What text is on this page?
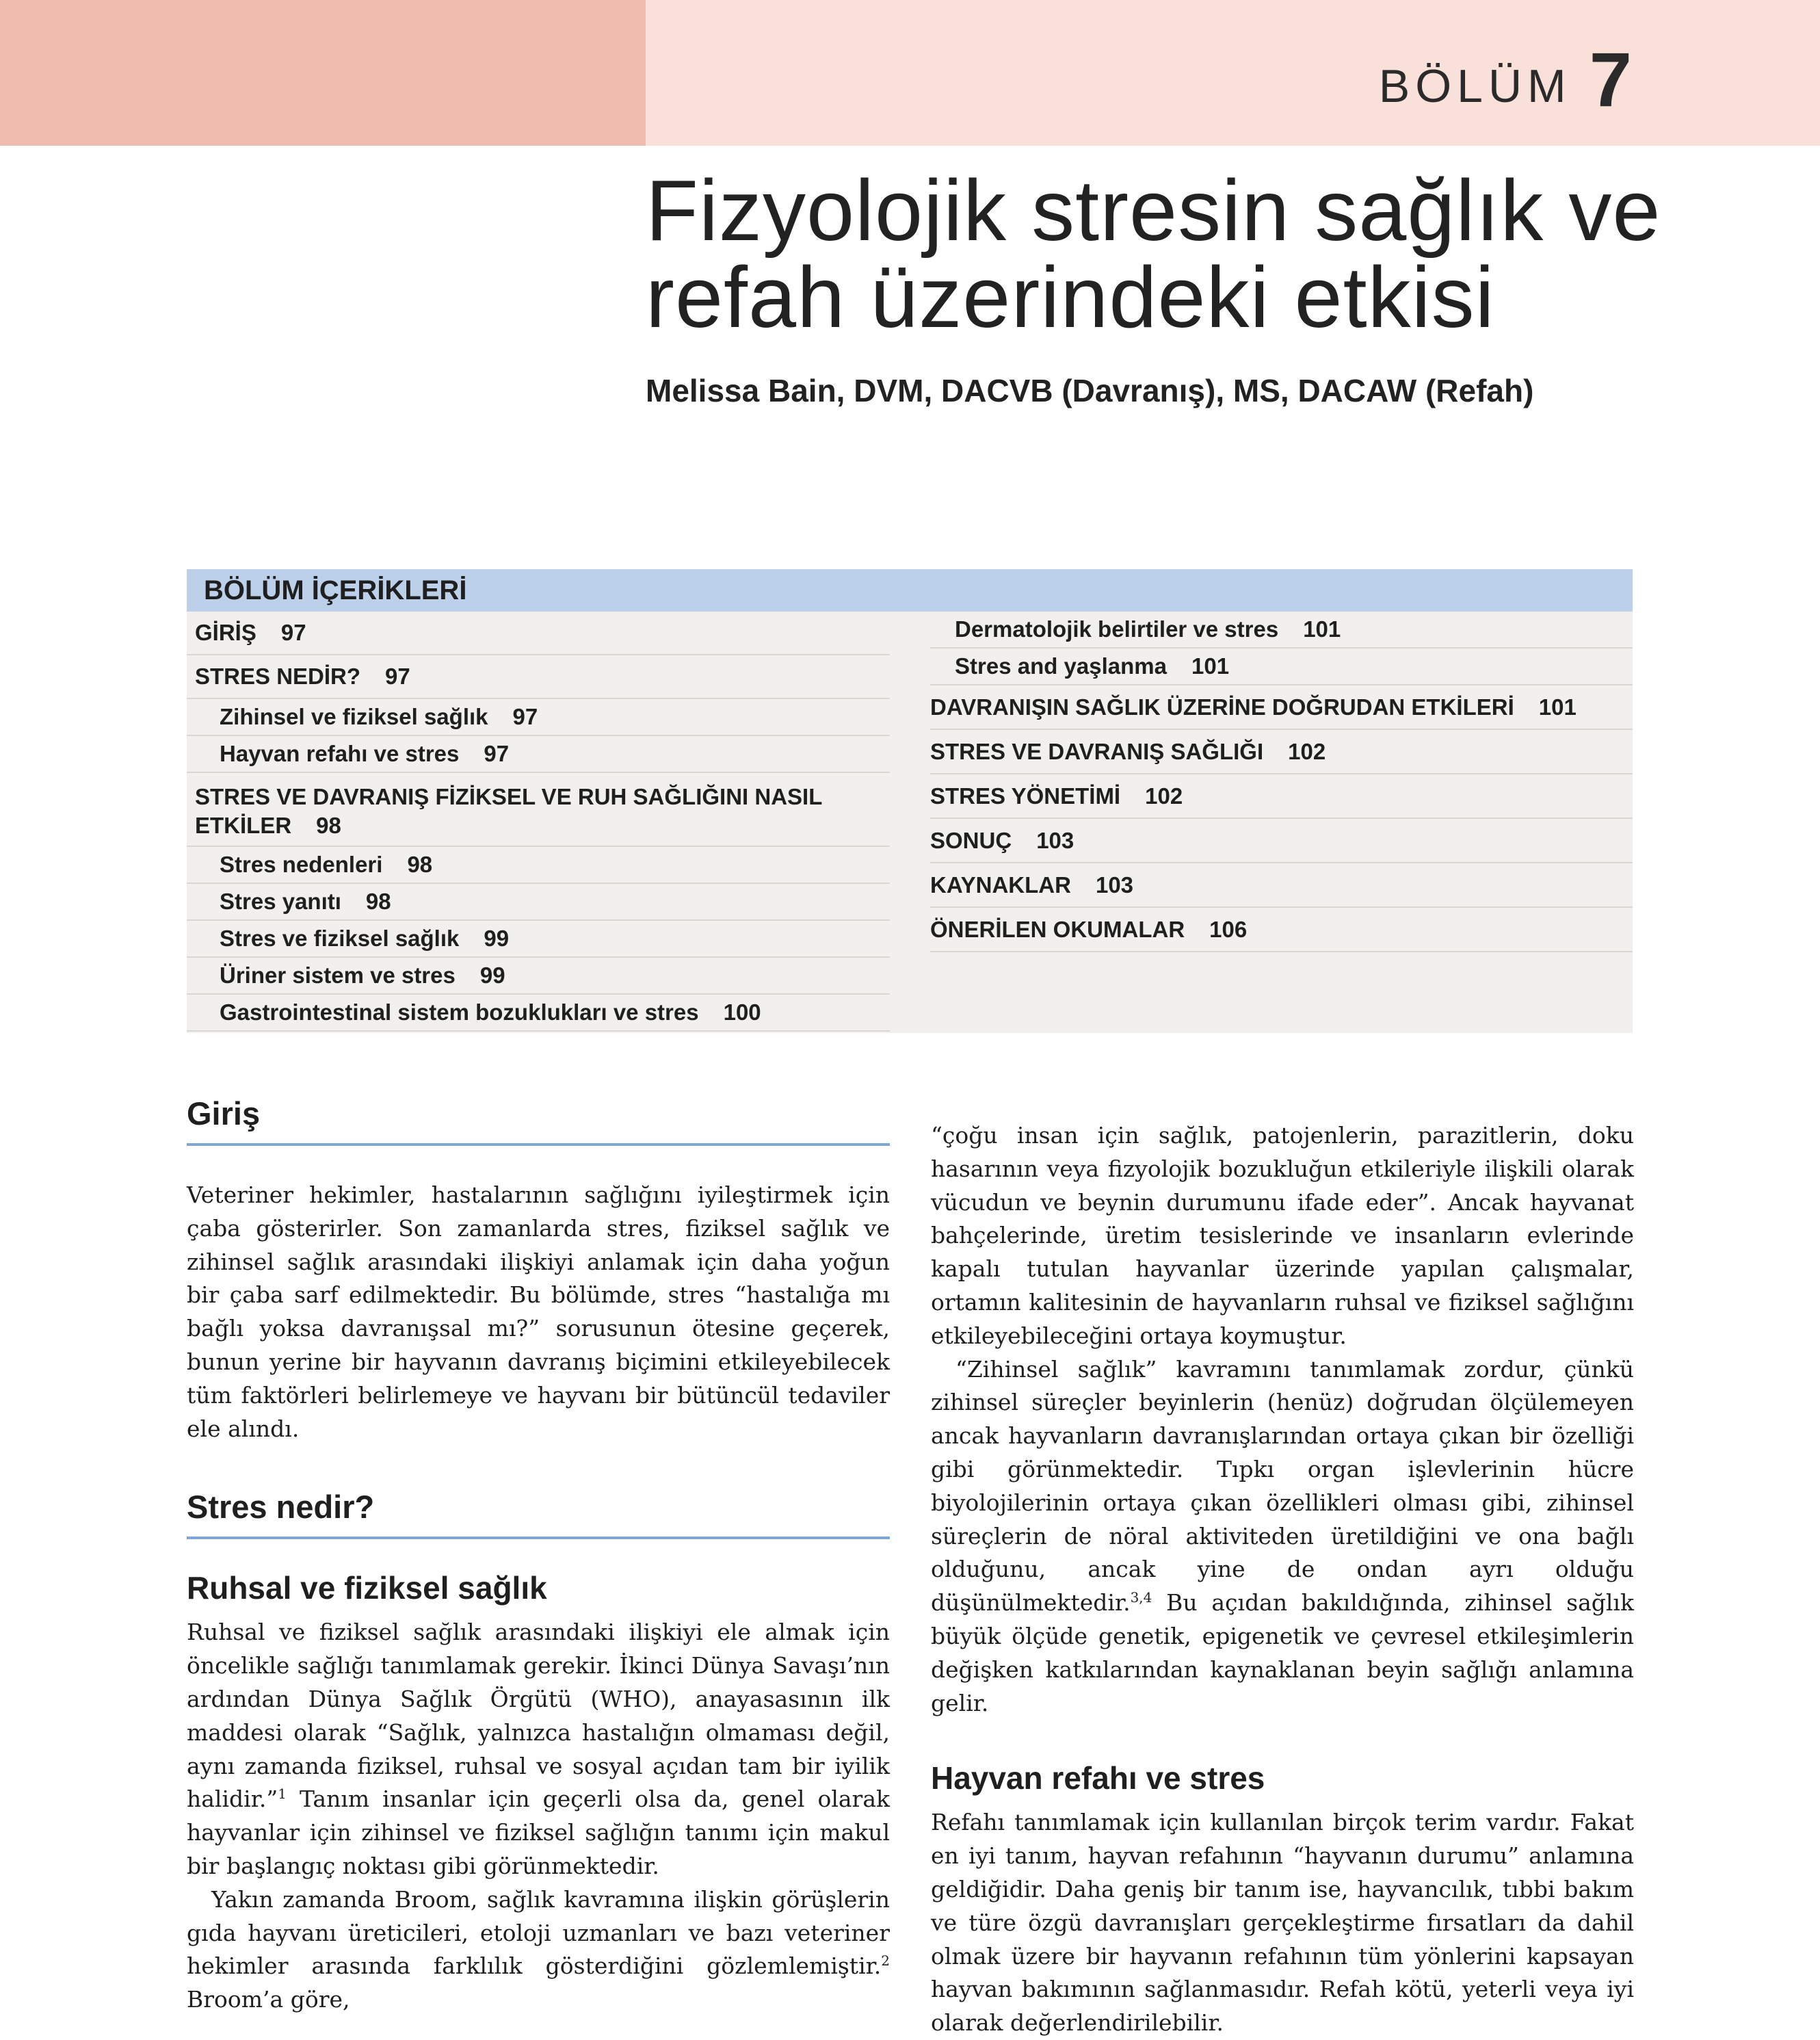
BÖLÜM 7
Fizyolojik stresin sağlık ve
refah üzerindeki etkisi
Melissa Bain, DVM, DACVB (Davranış), MS, DACAW (Refah)
BÖLÜM İÇERİKLERİ
GİRİŞ 97
STRES NEDİR? 97
Zihinsel ve fiziksel sağlık 97
Hayvan refahı ve stres 97
STRES VE DAVRANIŞ FİZİKSEL VE RUH SAĞLIĞINI NASIL
ETKİLER 98
Stres nedenleri 98
Stres yanıtı 98
Stres ve fiziksel sağlık 99
Üriner sistem ve stres 99
Gastrointestinal sistem bozuklukları ve stres 100
Dermatolojik belirtiler ve stres 101
Stres and yaşlanma 101
DAVRANIŞIN SAĞLIK ÜZERİNE DOĞRUDAN ETKİLERİ 101
STRES VE DAVRANIŞ SAĞLIĞI 102
STRES YÖNETİMİ 102
SONUÇ 103
KAYNAKLAR 103
ÖNERİLEN OKUMALAR 106
Giriş

Veteriner hekimler, hastalarının sağlığını iyileştirmek için çaba gösterirler. Son zamanlarda stres, fiziksel sağlık ve zihinsel sağlık arasındaki ilişkiyi anlamak için daha yoğun bir çaba sarf edilmektedir. Bu bölümde, stres “hastalığa mı bağlı yoksa davranışsal mı?” sorusunun ötesine geçerek, bunun yerine bir hayvanın davranış biçimini etkileyebilecek tüm faktörleri belirlemeye ve hayvanı bir bütüncül tedaviler ele alındı.

Stres nedir?
Ruhsal ve fiziksel sağlık

Ruhsal ve fiziksel sağlık arasındaki ilişkiyi ele almak için öncelikle sağlığı tanımlamak gerekir. İkinci Dünya Savaşı’nın ardından Dünya Sağlık Örgütü (WHO), anayasasının ilk maddesi olarak “Sağlık, yalnızca hastalığın olmaması değil, aynı zamanda fiziksel, ruhsal ve sosyal açıdan tam bir iyilik halidir.”$^1$ Tanım insanlar için geçerli olsa da, genel olarak hayvanlar için zihinsel ve fiziksel sağlığın tanımı için makul bir başlangıç noktası gibi görünmektedir.

Yakın zamanda Broom, sağlık kavramına ilişkin görüşlerin gıda hayvanı üreticileri, etoloji uzmanları ve bazı veteriner hekimler arasında farklılık gösterdiğini gözlemlemiştir.$^2$ Broom’a göre,

“çoğu insan için sağlık, patojenlerin, parazitlerin, doku hasarının veya fizyolojik bozukluğun etkileriyle ilişkili olarak vücudun ve beynin durumunu ifade eder”. Ancak hayvanat bahçelerinde, üretim tesislerinde ve insanların evlerinde kapalı tutulan hayvanlar üzerinde yapılan çalışmalar, ortamın kalitesinin de hayvanların ruhsal ve fiziksel sağlığını etkileyebileceğini ortaya koymuştur.

“Zihinsel sağlık” kavramını tanımlamak zordur, çünkü zihinsel süreçler beyinlerin (henüz) doğrudan ölçülemeyen ancak hayvanların davranışlarından ortaya çıkan bir özelliği gibi görünmektedir. Tıpkı organ işlevlerinin hücre biyolojilerinin ortaya çıkan özellikleri olması gibi, zihinsel süreçlerin de nöral aktiviteden üretildiğini ve ona bağlı olduğunu, ancak yine de ondan ayrı olduğu düşünülmektedir.$^{3,4}$ Bu açıdan bakıldığında, zihinsel sağlık büyük ölçüde genetik, epigenetik ve çevresel etkileşimlerin değişken katkılarından kaynaklanan beyin sağlığı anlamına gelir.

Hayvan refahı ve stres

Refahı tanımlamak için kullanılan birçok terim vardır. Fakat en iyi tanım, hayvan refahının “hayvanın durumu” anlamına geldiğidir. Daha geniş bir tanım ise, hayvancılık, tıbbi bakım ve türe özgü davranışları gerçekleştirme fırsatları da dahil olmak üzere bir hayvanın refahının tüm yönlerini kapsayan hayvan bakımının sağlanmasıdır. Refah kötü, yeterli veya iyi olarak değerlendirilebilir.
